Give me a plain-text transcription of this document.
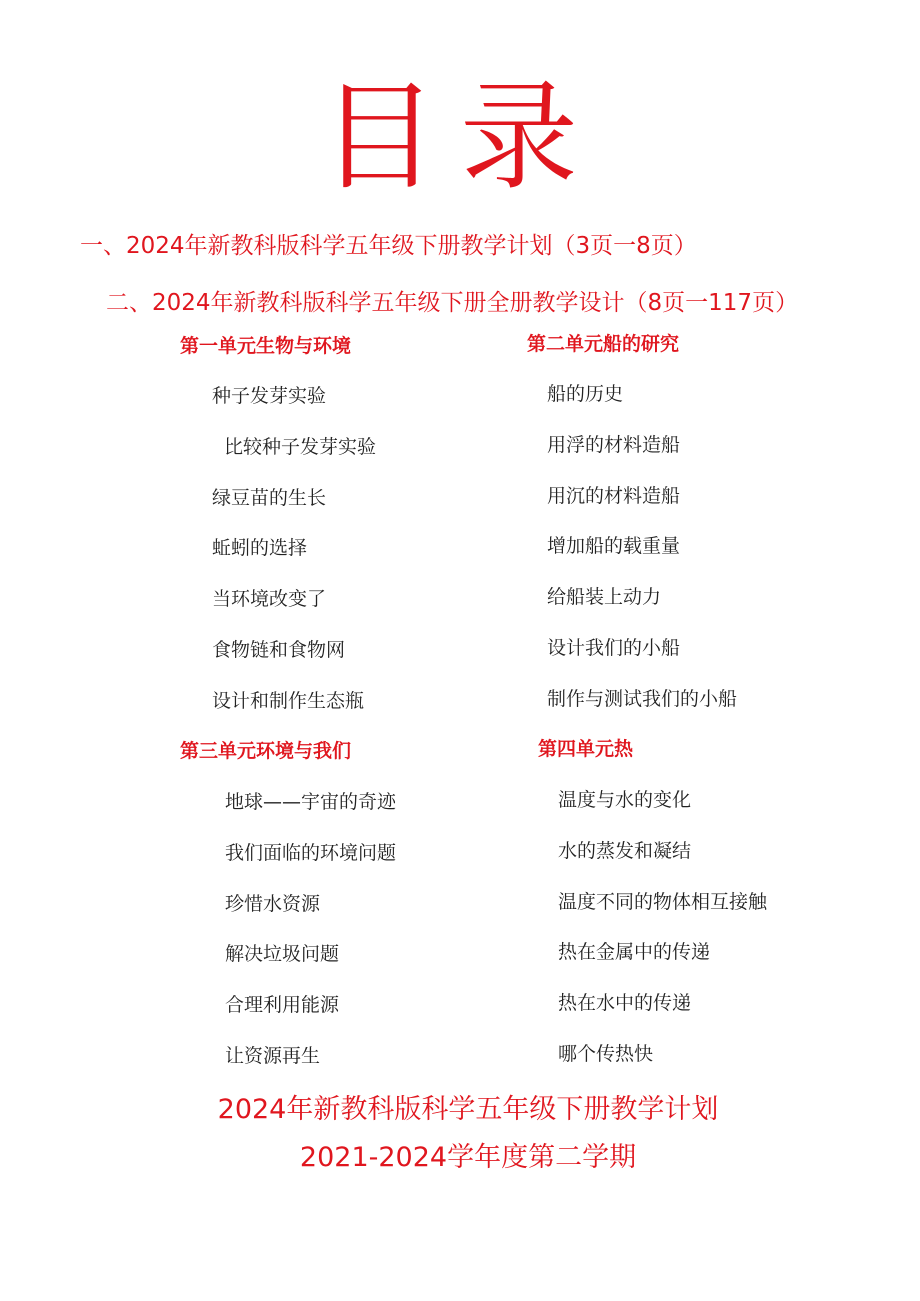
目录
一、2024年新教科版科学五年级下册教学计划（3页一8页）
二、2024年新教科版科学五年级下册全册教学设计（8页一117页）
第一单元生物与环境
种子发芽实验
比较种子发芽实验
绿豆苗的生长
蚯蚓的选择
当环境改变了
食物链和食物网
设计和制作生态瓶
第二单元船的研究
船的历史
用浮的材料造船
用沉的材料造船
增加船的载重量
给船装上动力
设计我们的小船
制作与测试我们的小船
第三单元环境与我们
地球——宇宙的奇迹
我们面临的环境问题
珍惜水资源
解决垃圾问题
合理利用能源
让资源再生
第四单元热
温度与水的变化
水的蒸发和凝结
温度不同的物体相互接触
热在金属中的传递
热在水中的传递
哪个传热快
2024年新教科版科学五年级下册教学计划
2021-2024学年度第二学期
